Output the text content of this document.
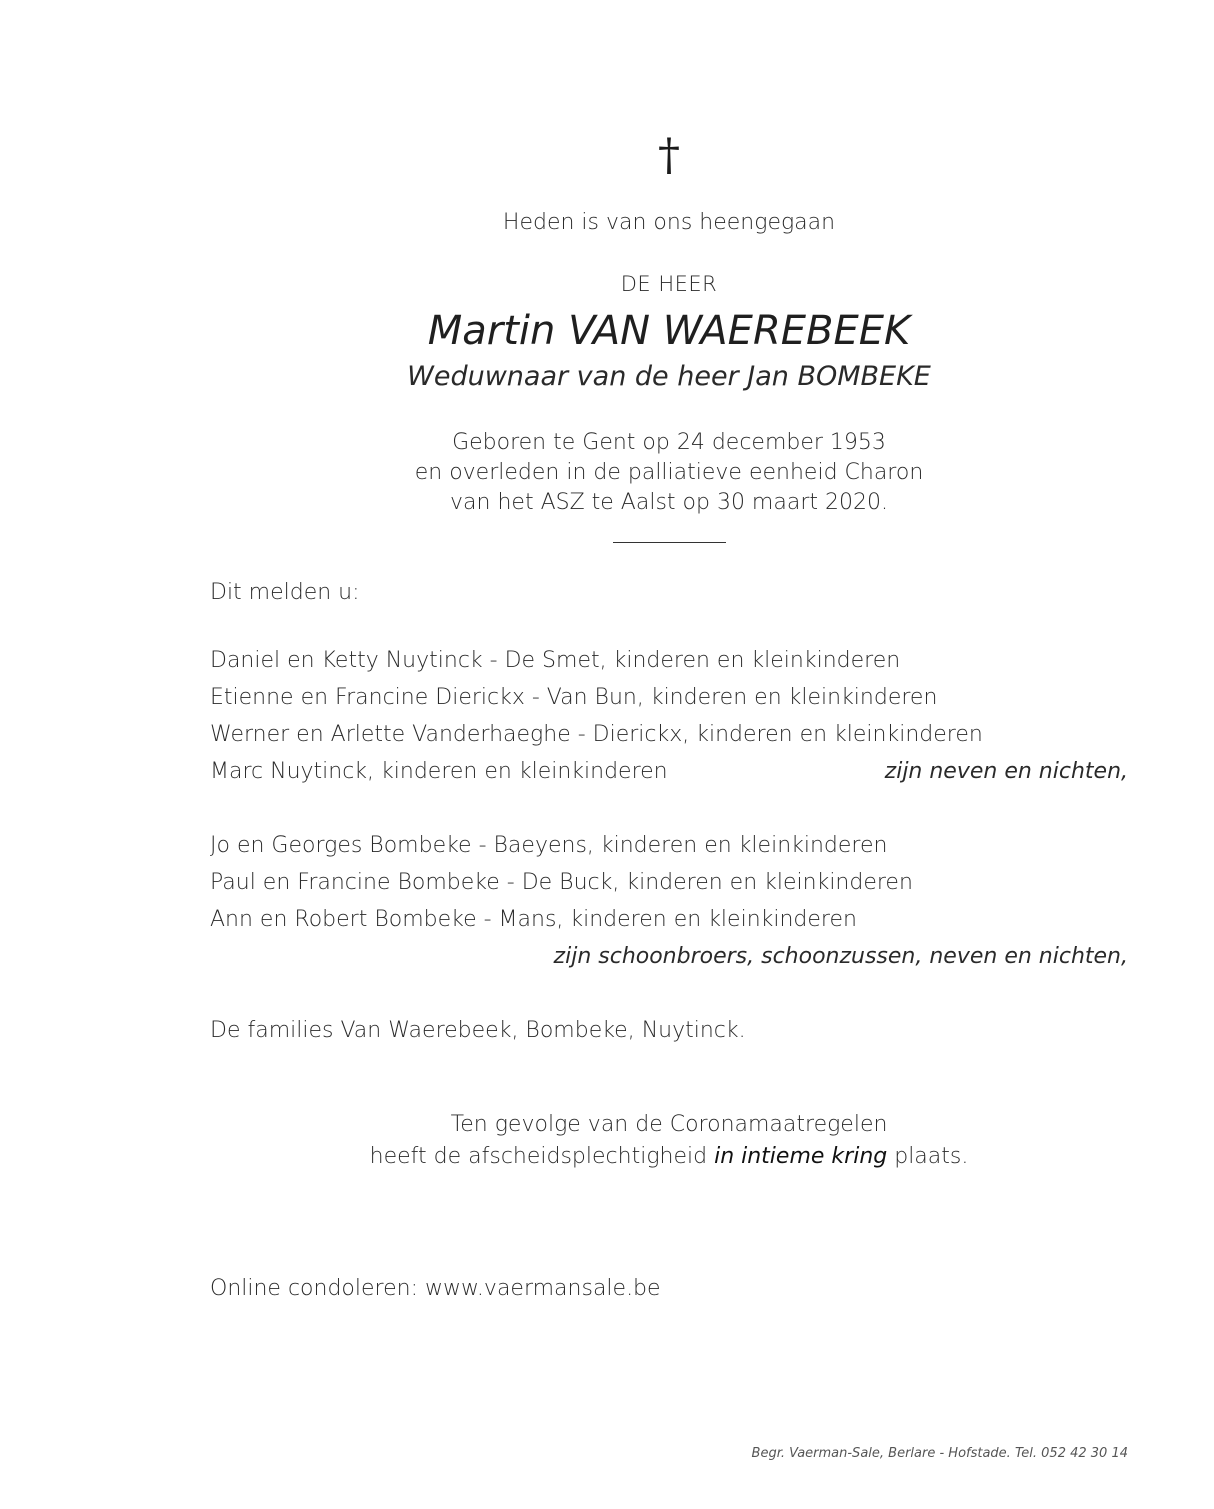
†
Heden is van ons heengegaan
DE HEER
Martin VAN WAEREBEEK
Weduwnaar van de heer Jan BOMBEKE
Geboren te Gent op 24 december 1953
en overleden in de palliatieve eenheid Charon
van het ASZ te Aalst op 30 maart 2020.
Dit melden u:
Daniel en Ketty Nuytinck - De Smet, kinderen en kleinkinderen
Etienne en Francine Dierickx - Van Bun, kinderen en kleinkinderen
Werner en Arlette Vanderhaeghe - Dierickx, kinderen en kleinkinderen
Marc Nuytinck, kinderen en kleinkinderen	zijn neven en nichten,
Jo en Georges Bombeke - Baeyens, kinderen en kleinkinderen
Paul en Francine Bombeke - De Buck, kinderen en kleinkinderen
Ann en Robert Bombeke - Mans, kinderen en kleinkinderen
zijn schoonbroers, schoonzussen, neven en nichten,
De families Van Waerebeek, Bombeke, Nuytinck.
Ten gevolge van de Coronamaatregelen
heeft de afscheidsplechtigheid in intieme kring plaats.
Online condoleren: www.vaermansale.be
Begr. Vaerman-Sale, Berlare - Hofstade. Tel. 052 42 30 14
